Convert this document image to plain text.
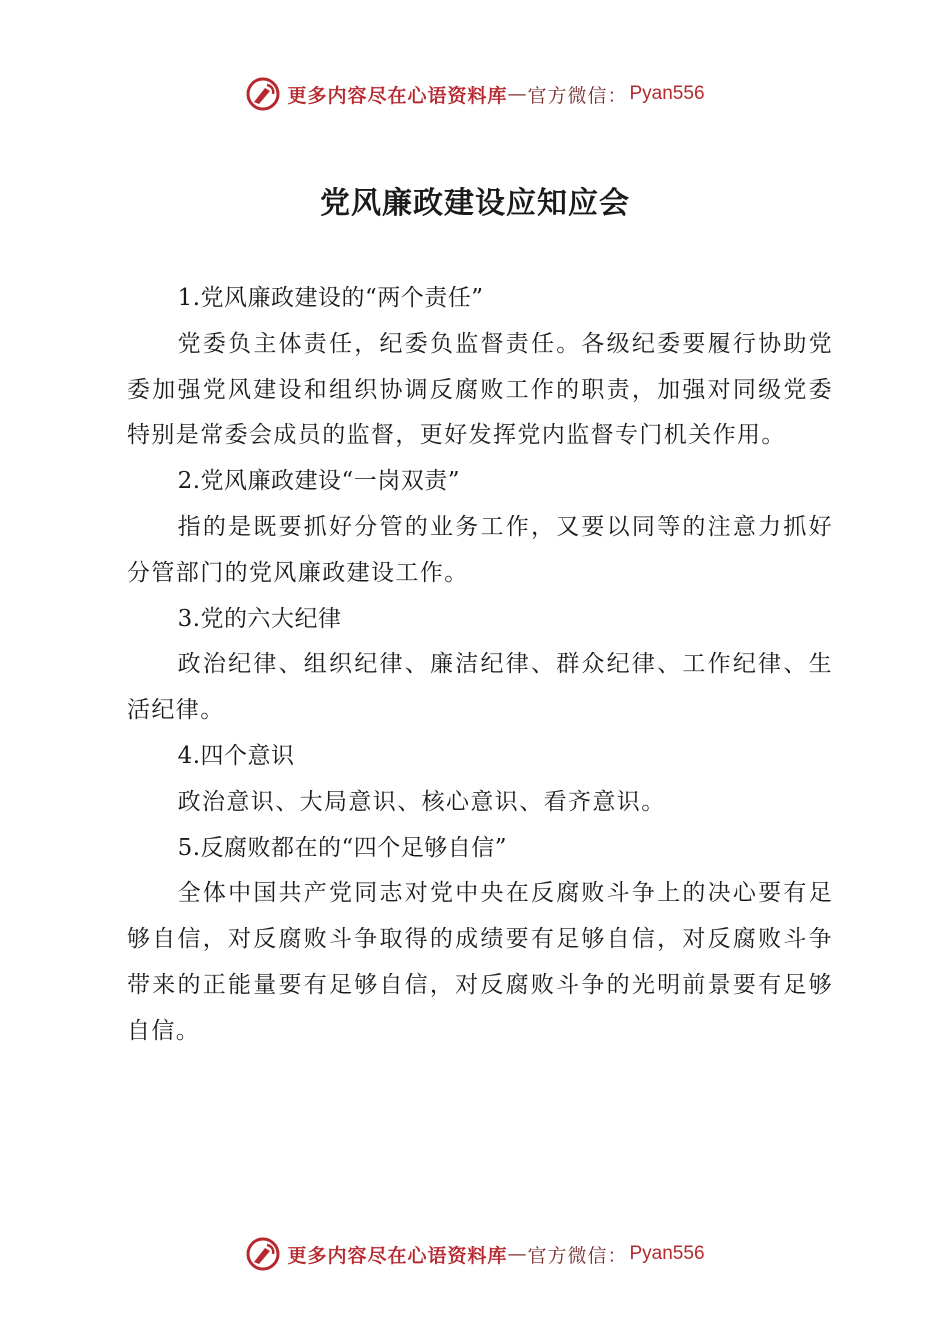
更多内容尽在心语资料库 — 官方微信： Pyan556
党风廉政建设应知应会

1.党风廉政建设的“两个责任”

党委负主体责任，纪委负监督责任。各级纪委要履行协助党委加强党风建设和组织协调反腐败工作的职责，加强对同级党委特别是常委会成员的监督，更好发挥党内监督专门机关作用。

2.党风廉政建设“一岗双责”

指的是既要抓好分管的业务工作，又要以同等的注意力抓好分管部门的党风廉政建设工作。

3.党的六大纪律

政治纪律、组织纪律、廉洁纪律、群众纪律、工作纪律、生活纪律。

4.四个意识

政治意识、大局意识、核心意识、看齐意识。

5.反腐败都在的“四个足够自信”

全体中国共产党同志对党中央在反腐败斗争上的决心要有足够自信，对反腐败斗争取得的成绩要有足够自信，对反腐败斗争带来的正能量要有足够自信，对反腐败斗争的光明前景要有足够自信。

更多内容尽在心语资料库 — 官方微信： Pyan556
